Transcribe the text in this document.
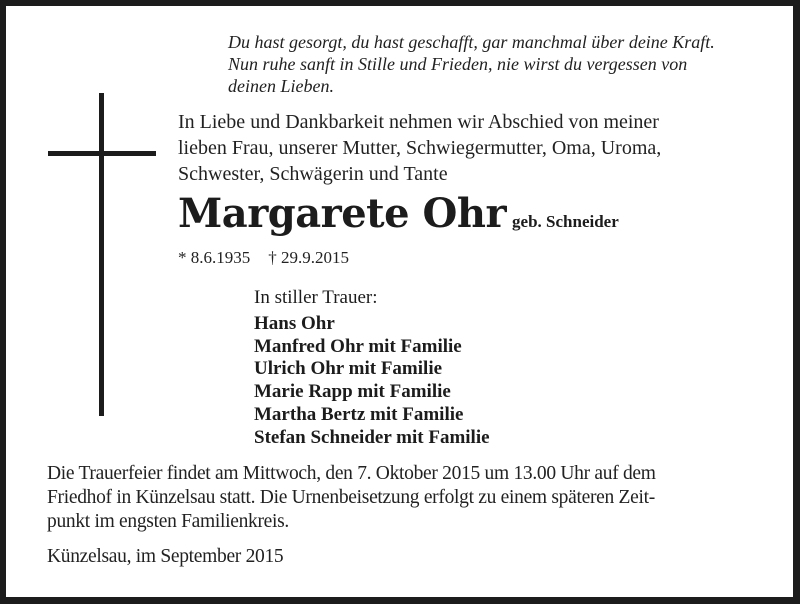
Du hast gesorgt, du hast geschafft, gar manchmal über deine Kraft.
Nun ruhe sanft in Stille und Frieden, nie wirst du vergessen von
deinen Lieben.
In Liebe und Dankbarkeit nehmen wir Abschied von meiner
lieben Frau, unserer Mutter, Schwiegermutter, Oma, Uroma,
Schwester, Schwägerin und Tante
Margarete Ohr geb. Schneider
* 8.6.1935 † 29.9.2015
In stiller Trauer:
Hans Ohr
Manfred Ohr mit Familie
Ulrich Ohr mit Familie
Marie Rapp mit Familie
Martha Bertz mit Familie
Stefan Schneider mit Familie
Die Trauerfeier findet am Mittwoch, den 7. Oktober 2015 um 13.00 Uhr auf dem
Friedhof in Künzelsau statt. Die Urnenbeisetzung erfolgt zu einem späteren Zeit-
punkt im engsten Familienkreis.
Künzelsau, im September 2015
